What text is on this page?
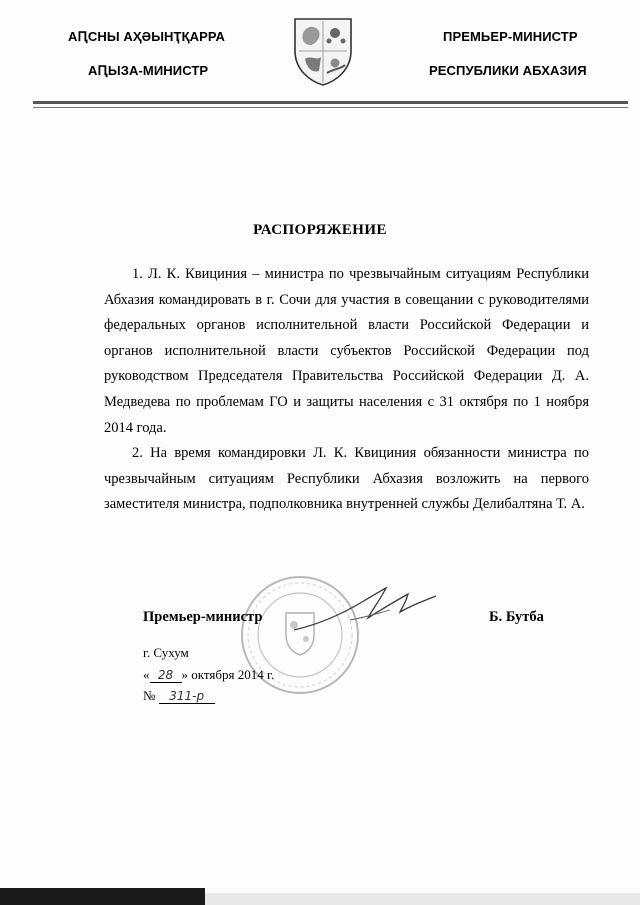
АԤСНЫ АҲӘЫНҬҚАРРА
АԤЫЗА-МИНИСТР
ПРЕМЬЕР-МИНИСТР
РЕСПУБЛИКИ АБХАЗИЯ
РАСПОРЯЖЕНИЕ

1. Л. К. Квициния – министра по чрезвычайным ситуациям Республики Абхазия командировать в г. Сочи для участия в совещании с руководителями федеральных органов исполнительной власти Российской Федерации и органов исполнительной власти субъектов Российской Федерации под руководством Председателя Правительства Российской Федерации Д. А. Медведева по проблемам ГО и защиты населения с 31 октября по 1 ноября 2014 года.

2. На время командировки Л. К. Квициния обязанности министра по чрезвычайным ситуациям Республики Абхазия возложить на первого заместителя министра, подполковника внутренней службы Делибалтяна Т. А.

Премьер-министр	Б. Бутба
г. Сухум
« 28 » октября 2014 г.
№ 311-р
